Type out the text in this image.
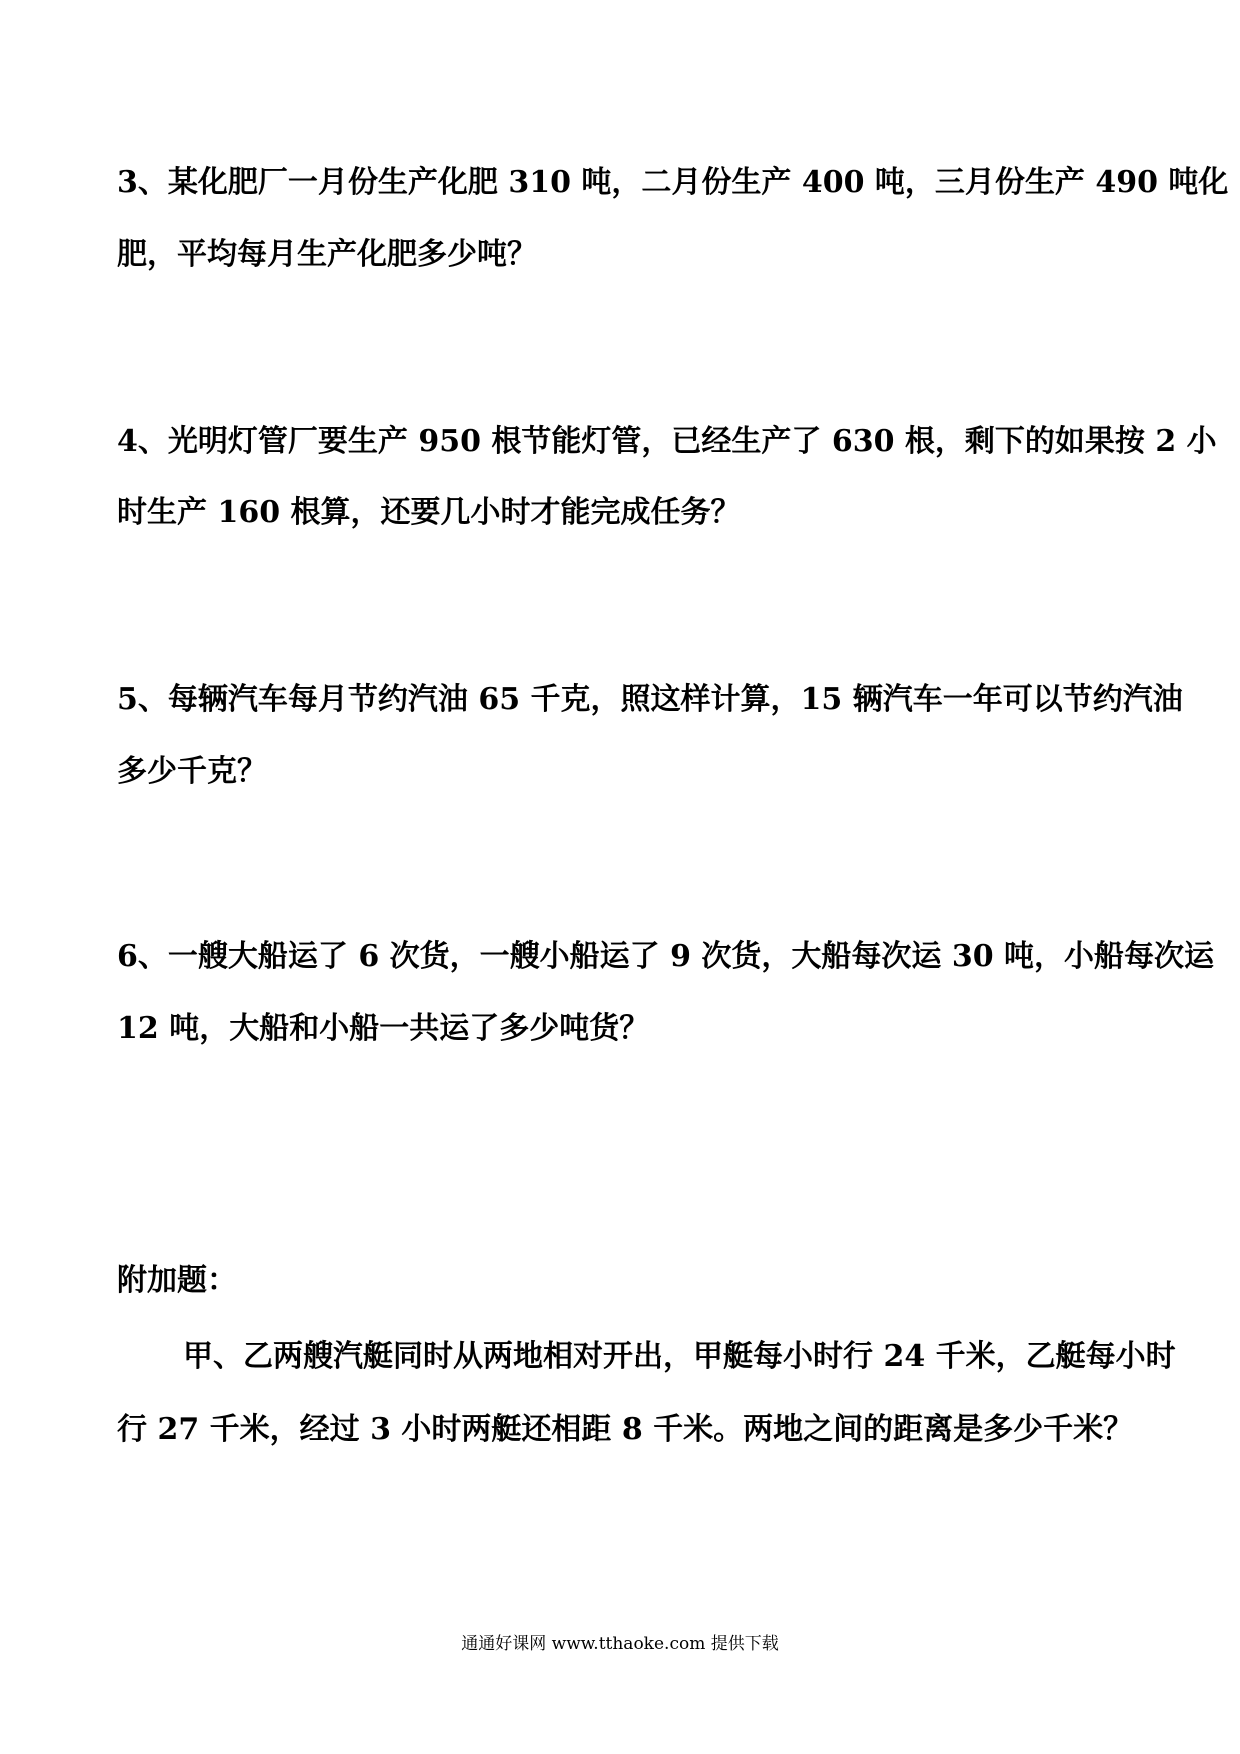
3、某化肥厂一月份生产化肥 310 吨，二月份生产 400 吨，三月份生产 490 吨化
肥，平均每月生产化肥多少吨？
4、光明灯管厂要生产 950 根节能灯管，已经生产了 630 根，剩下的如果按 2 小
时生产 160 根算，还要几小时才能完成任务？
5、每辆汽车每月节约汽油 65 千克，照这样计算，15 辆汽车一年可以节约汽油
多少千克？
6、一艘大船运了 6 次货，一艘小船运了 9 次货，大船每次运 30 吨，小船每次运
12 吨，大船和小船一共运了多少吨货？
附加题：
甲、乙两艘汽艇同时从两地相对开出，甲艇每小时行 24 千米，乙艇每小时
行 27 千米，经过 3 小时两艇还相距 8 千米。两地之间的距离是多少千米？
通通好课网 www.tthaoke.com 提供下载
